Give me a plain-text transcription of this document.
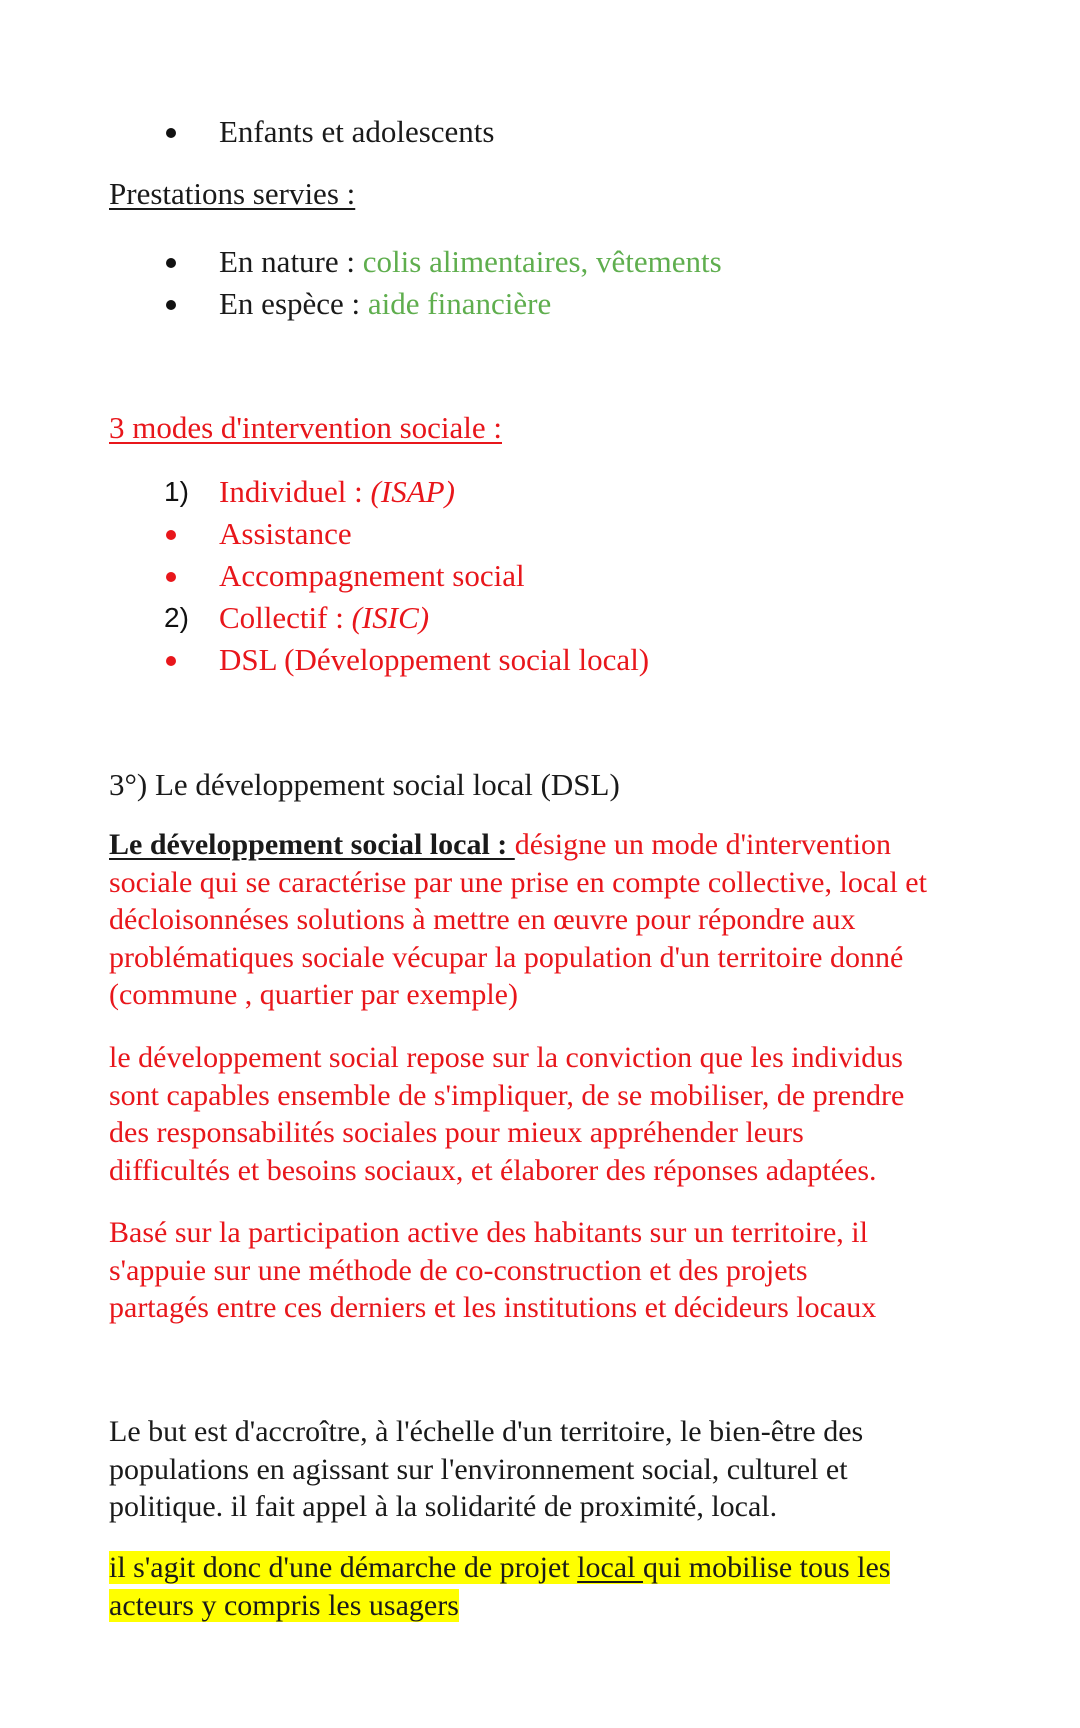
Enfants et adolescents
Prestations servies :
En nature : colis alimentaires, vêtements
En espèce : aide financière
3 modes d'intervention sociale :
1) Individuel : (ISAP)
Assistance
Accompagnement social
2) Collectif : (ISIC)
DSL (Développement social local)
3°) Le développement social local (DSL)
Le développement social local : désigne un mode d'intervention
sociale qui se caractérise par une prise en compte collective, local et
décloisonnéses solutions à mettre en œuvre pour répondre aux
problématiques sociale vécupar la population d'un territoire donné
(commune , quartier par exemple)
le développement social repose sur la conviction que les individus
sont capables ensemble de s'impliquer, de se mobiliser, de prendre
des responsabilités sociales pour mieux appréhender leurs
difficultés et besoins sociaux, et élaborer des réponses adaptées.
Basé sur la participation active des habitants sur un territoire, il
s'appuie sur une méthode de co-construction et des projets
partagés entre ces derniers et les institutions et décideurs locaux
Le but est d'accroître, à l'échelle d'un territoire, le bien-être des
populations en agissant sur l'environnement social, culturel et
politique. il fait appel à la solidarité de proximité, local.
il s'agit donc d'une démarche de projet local qui mobilise tous les
acteurs y compris les usagers
